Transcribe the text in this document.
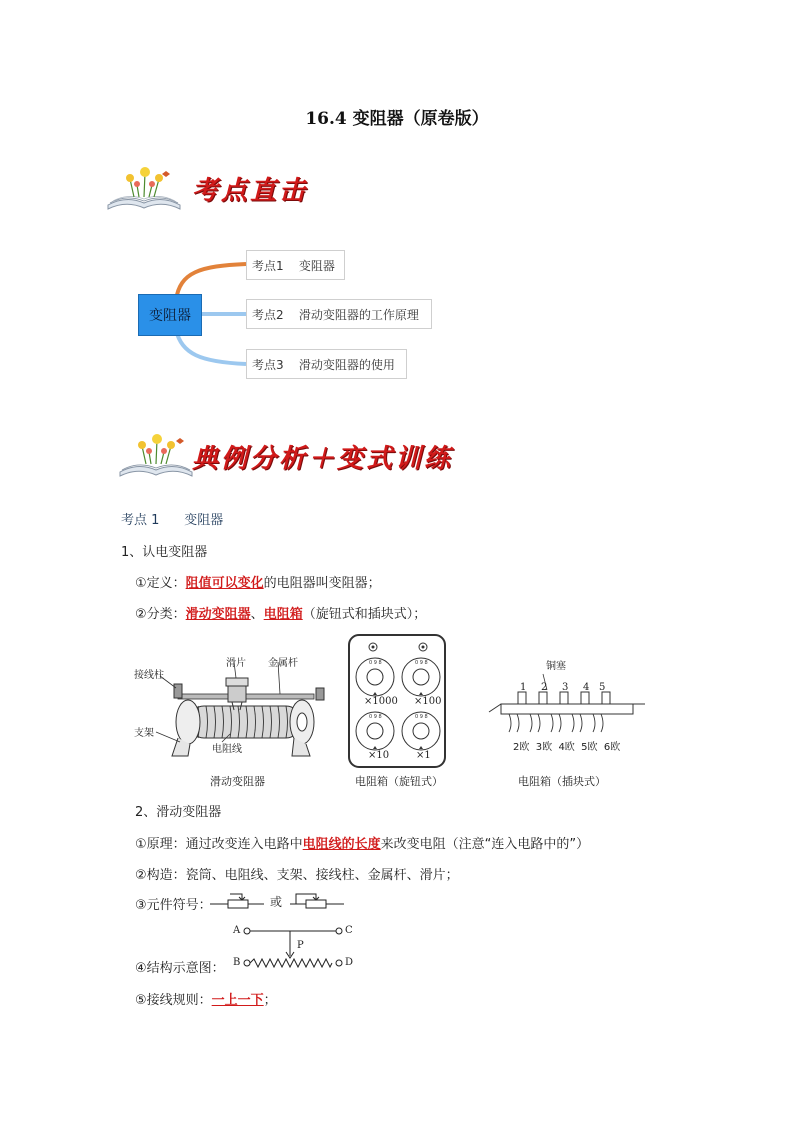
16.4 变阻器（原卷版）
考点直击
变阻器
考点1    变阻器
考点2    滑动变阻器的工作原理
考点3    滑动变阻器的使用
典例分析＋变式训练
考点 1      变阻器
1、认电变阻器
①定义：阻值可以变化的电阻器叫变阻器；
②分类：滑动变阻器、电阻箱（旋钮式和插块式）；
接线柱
滑片 金属杆
支架
电阻线
滑动变阻器
0 9 8	0 9 8
0 9 8	0 9 8
×1000 ×100
×10	×1
电阻箱（旋钮式）
铜塞
1 2 3 4 5
2欧  3欧  4欧  5欧  6欧
电阻箱（插块式）
2、滑动变阻器
①原理：通过改变连入电路中电阻线的长度来改变电阻（注意“连入电路中的”）
②构造：瓷筒、电阻线、支架、接线柱、金属杆、滑片；
③元件符号：	或
A	C
P
B	D
④结构示意图：
⑤接线规则：一上一下；
